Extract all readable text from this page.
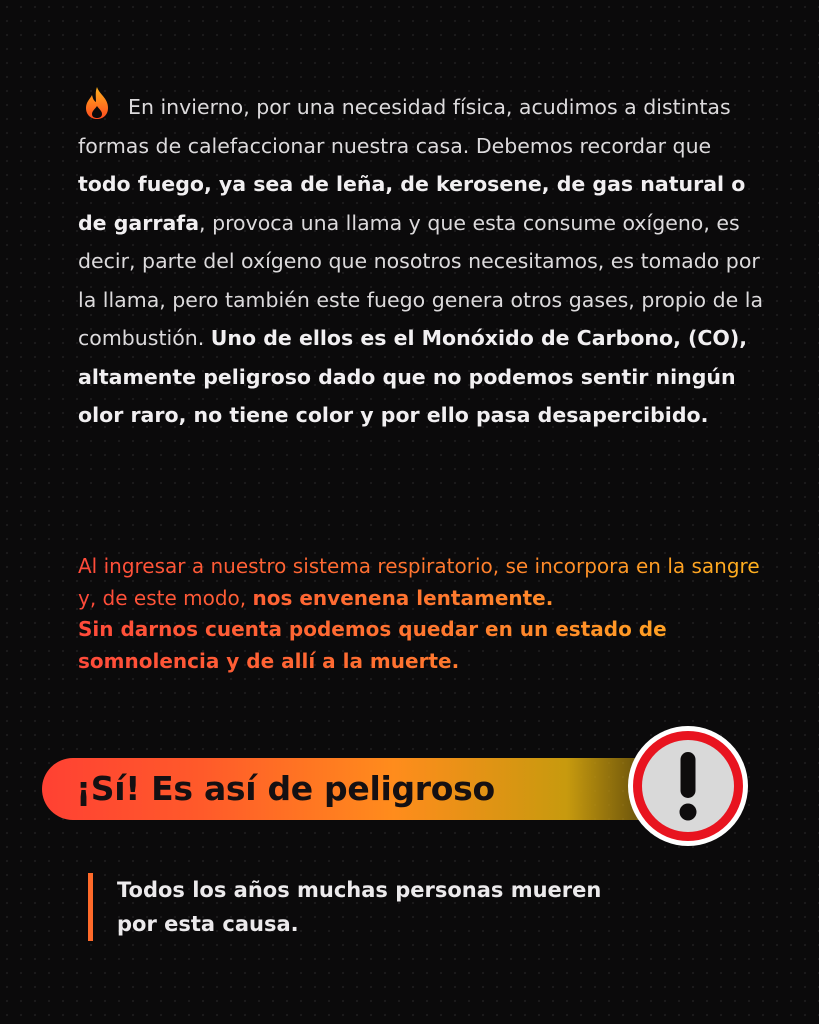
En invierno, por una necesidad física, acudimos a distintas formas de calefaccionar nuestra casa. Debemos recordar que todo fuego, ya sea de leña, de kerosene, de gas natural o de garrafa, provoca una llama y que esta consume oxígeno, es decir, parte del oxígeno que nosotros necesitamos, es tomado por la llama, pero también este fuego genera otros gases, propio de la combustión. Uno de ellos es el Monóxido de Carbono, (CO), altamente peligroso dado que no podemos sentir ningún olor raro, no tiene color y por ello pasa desapercibido.
Al ingresar a nuestro sistema respiratorio, se incorpora en la sangre y, de este modo, nos envenena lentamente.
Sin darnos cuenta podemos quedar en un estado de somnolencia y de allí a la muerte.
¡Sí! Es así de peligroso
Todos los años muchas personas mueren por esta causa.
